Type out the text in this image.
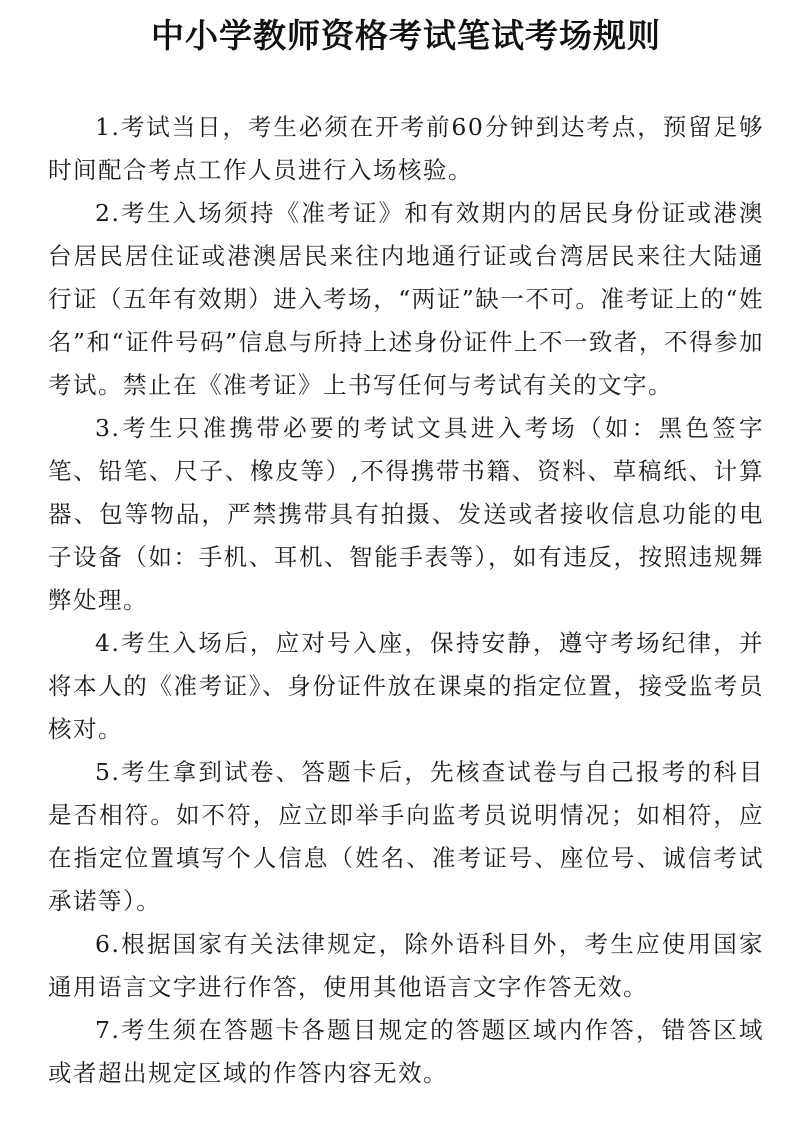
中小学教师资格考试笔试考场规则

1.考试当日，考生必须在开考前60分钟到达考点，预留足够时间配合考点工作人员进行入场核验。

2.考生入场须持《准考证》和有效期内的居民身份证或港澳台居民居住证或港澳居民来往内地通行证或台湾居民来往大陆通行证（五年有效期）进入考场，“两证”缺一不可。准考证上的“姓名”和“证件号码”信息与所持上述身份证件上不一致者，不得参加考试。禁止在《准考证》上书写任何与考试有关的文字。

3.考生只准携带必要的考试文具进入考场（如：黑色签字笔、铅笔、尺子、橡皮等）,不得携带书籍、资料、草稿纸、计算器、包等物品，严禁携带具有拍摄、发送或者接收信息功能的电子设备（如：手机、耳机、智能手表等），如有违反，按照违规舞弊处理。

4.考生入场后，应对号入座，保持安静，遵守考场纪律，并将本人的《准考证》、身份证件放在课桌的指定位置，接受监考员核对。

5.考生拿到试卷、答题卡后，先核查试卷与自己报考的科目是否相符。如不符，应立即举手向监考员说明情况；如相符，应在指定位置填写个人信息（姓名、准考证号、座位号、诚信考试承诺等）。

6.根据国家有关法律规定，除外语科目外，考生应使用国家通用语言文字进行作答，使用其他语言文字作答无效。

7.考生须在答题卡各题目规定的答题区域内作答，错答区域或者超出规定区域的作答内容无效。
